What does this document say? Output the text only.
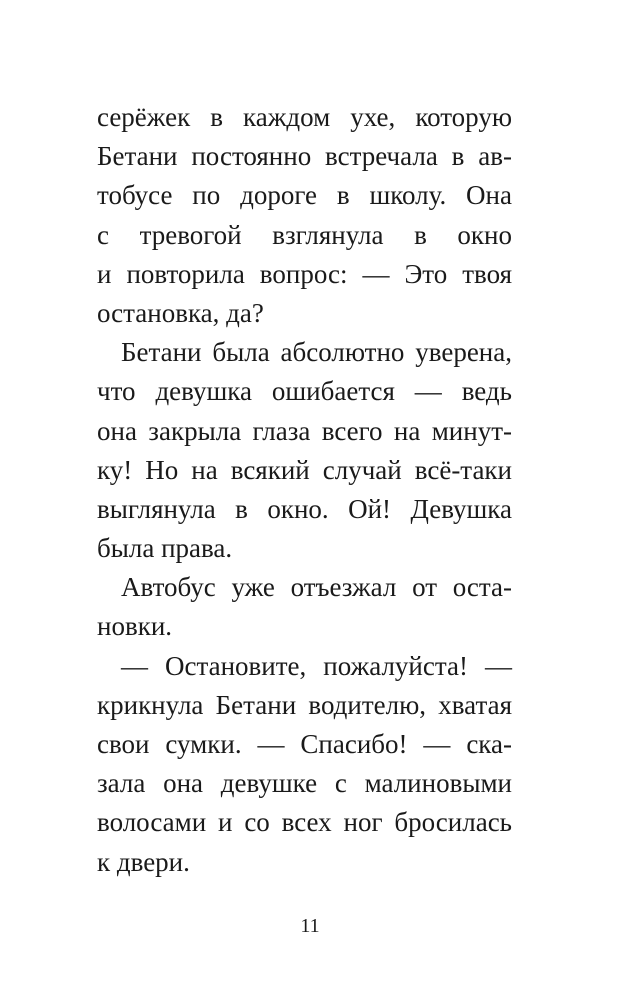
серёжек в каждом ухе, которую
Бетани постоянно встречала в ав-
тобусе по дороге в школу. Она
с тревогой взглянула в окно
и повторила вопрос: — Это твоя
остановка, да?
Бетани была абсолютно уверена,
что девушка ошибается — ведь
она закрыла глаза всего на минут-
ку! Но на всякий случай всё-таки
выглянула в окно. Ой! Девушка
была права.
Автобус уже отъезжал от оста-
новки.
— Остановите, пожалуйста! —
крикнула Бетани водителю, хватая
свои сумки. — Спасибо! — ска-
зала она девушке с малиновыми
волосами и со всех ног бросилась
к двери.
11
